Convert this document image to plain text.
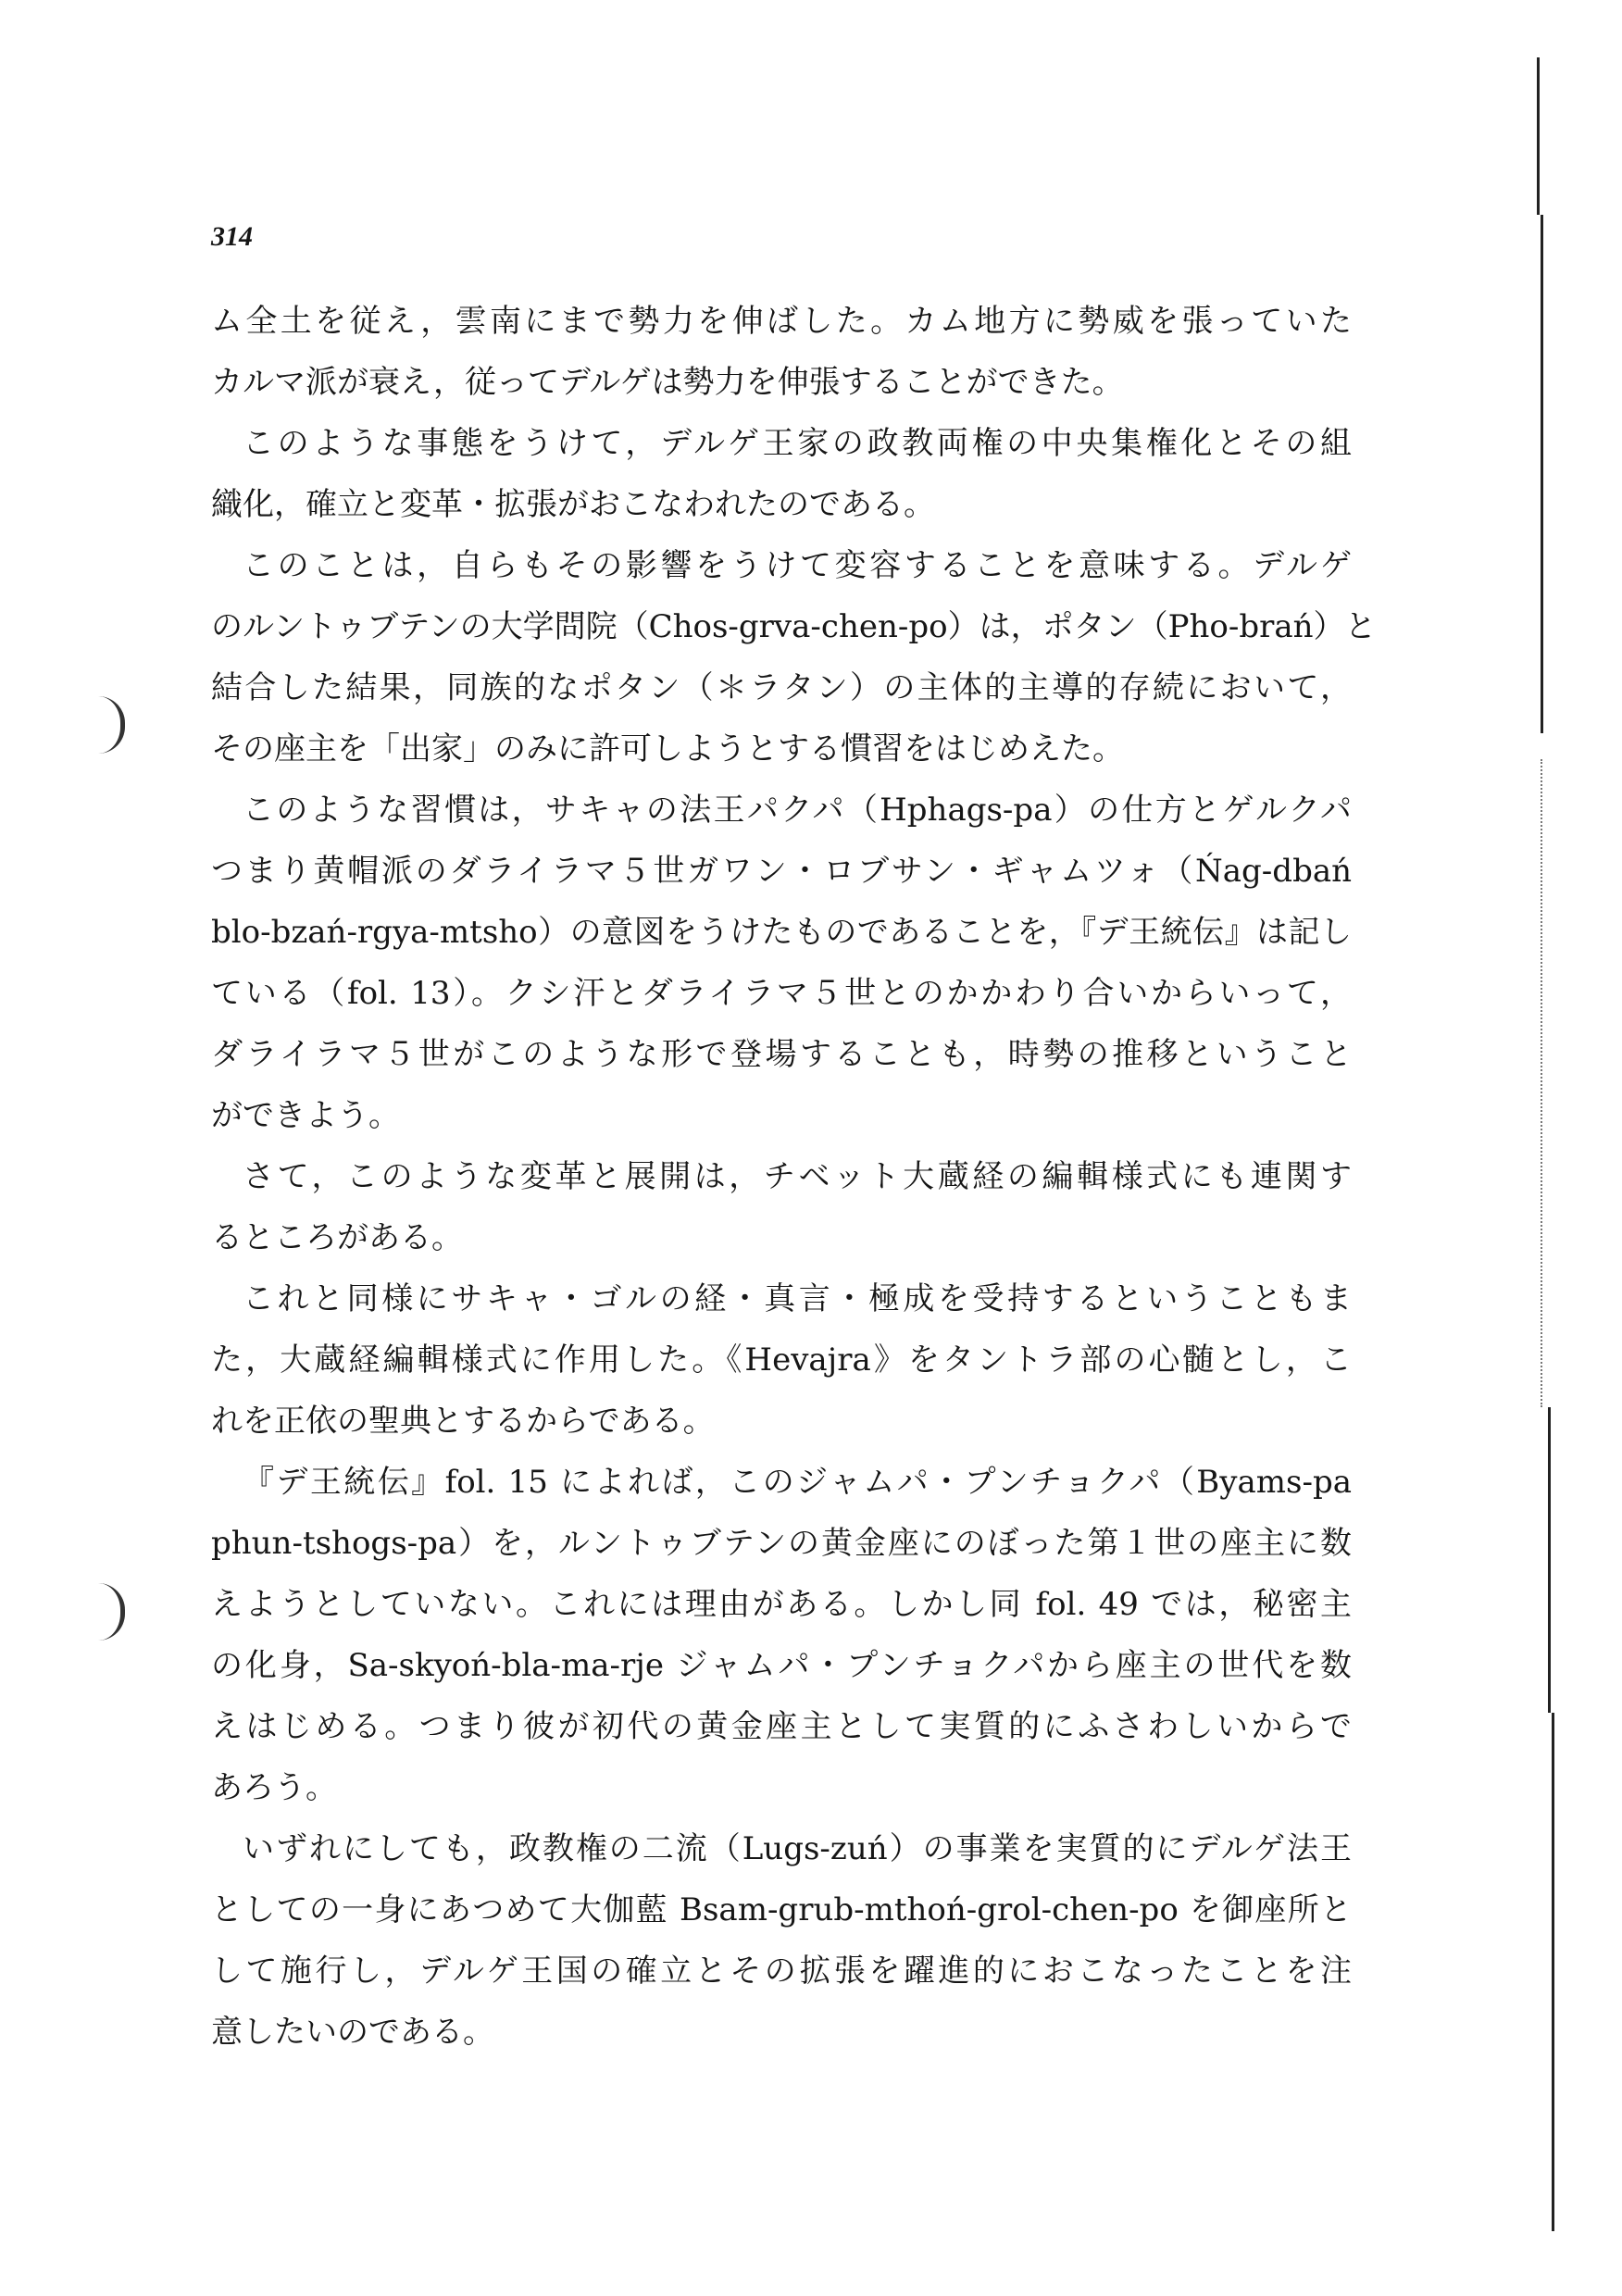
314
ム全土を従え，雲南にまで勢力を伸ばした。カム地方に勢威を張っていた
カルマ派が衰え，従ってデルゲは勢力を伸張することができた。
このような事態をうけて，デルゲ王家の政教両権の中央集権化とその組
織化，確立と変革・拡張がおこなわれたのである。
このことは，自らもその影響をうけて変容することを意味する。デルゲ
のルントゥブテンの大学問院（Chos-grva-chen-po）は，ポタン（Pho-brań）と
結合した結果，同族的なポタン（＊ラタン）の主体的主導的存続において，
その座主を「出家」のみに許可しようとする慣習をはじめえた。
このような習慣は，サキャの法王パクパ（Hphags-pa）の仕方とゲルクパ
つまり黄帽派のダライラマ５世ガワン・ロブサン・ギャムツォ（Ńag-dbań
blo-bzań-rgya-mtsho）の意図をうけたものであることを，『デ王統伝』は記し
ている（fol. 13）。クシ汗とダライラマ５世とのかかわり合いからいって，
ダライラマ５世がこのような形で登場することも，時勢の推移ということ
ができよう。
さて，このような変革と展開は，チベット大蔵経の編輯様式にも連関す
るところがある。
これと同様にサキャ・ゴルの経・真言・極成を受持するということもま
た，大蔵経編輯様式に作用した。《Hevajra》をタントラ部の心髄とし，こ
れを正依の聖典とするからである。
『デ王統伝』fol. 15 によれば，このジャムパ・プンチョクパ（Byams-pa
phun-tshogs-pa）を，ルントゥブテンの黄金座にのぼった第１世の座主に数
えようとしていない。これには理由がある。しかし同 fol. 49 では，秘密主
の化身，Sa-skyoń-bla-ma-rje ジャムパ・プンチョクパから座主の世代を数
えはじめる。つまり彼が初代の黄金座主として実質的にふさわしいからで
あろう。
いずれにしても，政教権の二流（Lugs-zuń）の事業を実質的にデルゲ法王
としての一身にあつめて大伽藍 Bsam-grub-mthoń-grol-chen-po を御座所と
して施行し，デルゲ王国の確立とその拡張を躍進的におこなったことを注
意したいのである。
